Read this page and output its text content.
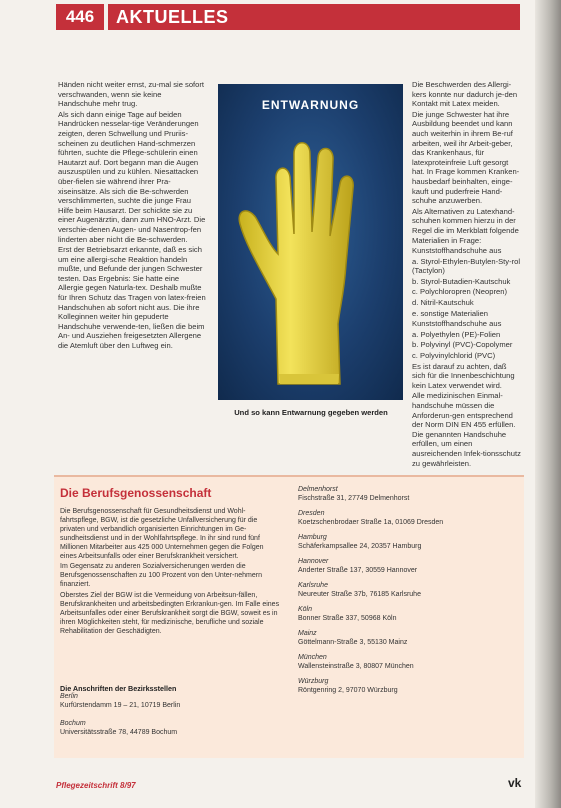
446	AKTUELLES

Händen nicht weiter ernst, zu-mal sie sofort verschwanden, wenn sie keine Handschuhe mehr trug.

Als sich dann einige Tage auf beiden Handrücken nesselar-tige Veränderungen zeigten, deren Schwellung und Pruriis-scheinen zu deutlichen Hand-schmerzen führten, suchte die Pflege-schülerin einen Hautarzt auf. Dort begann man die Augen auszuspülen und zu kühlen. Niesattacken über-fielen sie während ihrer Pra-xiseinsätze. Als sich die Be-schwerden verschlimmerten, suchte die junge Frau Hilfe beim Hausarzt. Der schickte sie zu einer Augenärztin, dann zum HNO-Arzt. Die verschie-denen Augen- und Nasentrop-fen linderten aber nicht die Be-schwerden.

Erst der Betriebsarzt erkannte, daß es sich um eine allergi-sche Reaktion handeln mußte, und Befunde der jungen Schwester testen. Das Ergebnis: Sie hatte eine Allergie gegen Naturla-tex. Deshalb mußte für Ihren Schutz das Tragen von latex-freien Handschuhen ab sofort nicht aus. Die ihre Kolleginnen weiter hin gepuderte Handschuhe verwende-ten, ließen die beim An- und Ausziehen freigesetzten Allergene die Atemluft über den Luftweg ein.

ENTWARNUNG
Und so kann Entwarnung gegeben werden

Die Beschwerden des Allergi-kers konnte nur dadurch je-den Kontakt mit Latex meiden.

Die junge Schwester hat ihre Ausbildung beendet und kann auch weiterhin in ihrem Be-ruf arbeiten, weil ihr Arbeit-geber, das Krankenhaus, für latexproteinfreie Luft gesorgt hat. In Frage kommen Kranken-hausbedarf beinhalten, einge-kauft und puderfreie Hand-schuhe anzuwerben.

Als Alternativen zu Latexhand-schuhen kommen hierzu in der Regel die im Merkblatt folgende Materialien in Frage:

Kunststoffhandschuhe aus

a. Styrol-Ethylen-Butylen-Sty-rol (Tactylon)

b. Styrol-Butadien-Kautschuk

c. Polychloropren (Neopren)

d. Nitril-Kautschuk

e. sonstige Materialien

Kunststoffhandschuhe aus

a. Polyethylen (PE)-Folien

b. Polyvinyl (PVC)-Copolymer

c. Polyvinylchlorid (PVC)

Es ist darauf zu achten, daß sich für die Innenbeschichtung kein Latex verwendet wird.

Alle medizinischen Einmal-handschuhe müssen die Anforderun-gen entsprechend der Norm DIN EN 455 erfüllen. Die genannten Handschuhe erfüllen, um einen ausreichenden Infek-tionsschutz zu gewährleisten.

Die Berufsgenossenschaft

Die Berufsgenossenschaft für Gesundheitsdienst und Wohl-fahrtspflege, BGW, ist die gesetzliche Unfallversicherung für die privaten und verbandlich organisierten Einrichtungen im Ge-sundheitsdienst und in der Wohlfahrtspflege. In ihr sind rund fünf Millionen Mitarbeiter aus 425 000 Unternehmen gegen die Folgen eines Arbeitsunfalls oder einer Berufskrankheit versichert.

Im Gegensatz zu anderen Sozialversicherungen werden die Berufsgenossenschaften zu 100 Prozent von den Unter-nehmern finanziert.

Oberstes Ziel der BGW ist die Vermeidung von Arbeitsun-fällen, Berufskrankheiten und arbeitsbedingten Erkrankun-gen. Im Falle eines Arbeitsunfalles oder einer Berufskrankheit sorgt die BGW, soweit es in ihren Möglichkeiten steht, für medizinische, berufliche und soziale Rehabilitation der Geschädigten.

Die Anschriften der Bezirksstellen
Berlin
Kurfürstendamm 19 – 21, 10719 Berlin
Bochum
Universitätsstraße 78, 44789 Bochum
Delmenhorst
Fischstraße 31, 27749 Delmenhorst
Dresden
Koetzschenbrodaer Straße 1a, 01069 Dresden
Hamburg
Schäferkampsallee 24, 20357 Hamburg
Hannover
Anderter Straße 137, 30559 Hannover
Karlsruhe
Neureuter Straße 37b, 76185 Karlsruhe
Köln
Bonner Straße 337, 50968 Köln
Mainz
Göttelmann-Straße 3, 55130 Mainz
München
Wallensteinstraße 3, 80807 München
Würzburg
Röntgenring 2, 97070 Würzburg
Pflegezeitschrift 8/97	vk
